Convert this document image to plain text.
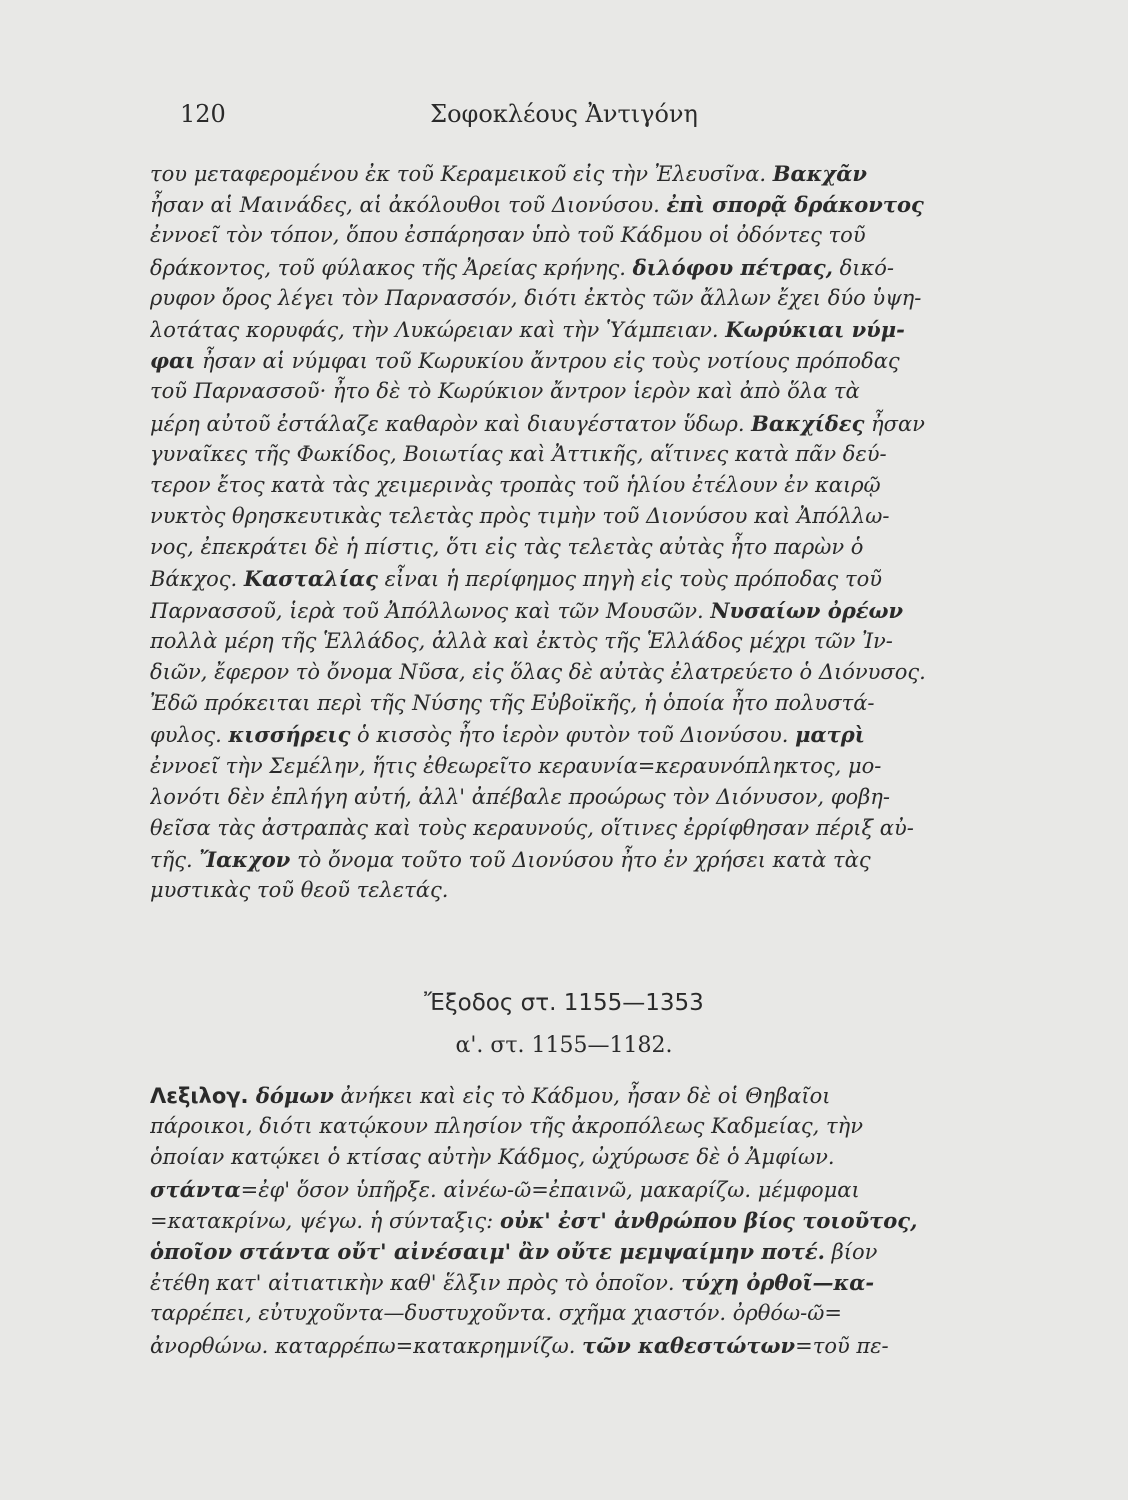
120	Σοφοκλέους Ἀντιγόνη
του μεταφερομένου ἐκ τοῦ Κεραμεικοῦ εἰς τὴν Ἐλευσῖνα. Βακχᾶν
ἦσαν αἱ Μαινάδες, αἱ ἀκόλουθοι τοῦ Διονύσου. ἐπὶ σπορᾷ δράκοντος
ἐννοεῖ τὸν τόπον, ὅπου ἐσπάρησαν ὑπὸ τοῦ Κάδμου οἱ ὀδόντες τοῦ
δράκοντος, τοῦ φύλακος τῆς Ἀρείας κρήνης. διλόφου πέτρας, δικό-
ρυφον ὄρος λέγει τὸν Παρνασσόν, διότι ἐκτὸς τῶν ἄλλων ἔχει δύο ὑψη-
λοτάτας κορυφάς, τὴν Λυκώρειαν καὶ τὴν Ὑάμπειαν. Κωρύκιαι νύμ-
φαι ἦσαν αἱ νύμφαι τοῦ Κωρυκίου ἄντρου εἰς τοὺς νοτίους πρόποδας
τοῦ Παρνασσοῦ· ἦτο δὲ τὸ Κωρύκιον ἄντρον ἱερὸν καὶ ἀπὸ ὅλα τὰ
μέρη αὐτοῦ ἐστάλαζε καθαρὸν καὶ διαυγέστατον ὕδωρ. Βακχίδες ἦσαν
γυναῖκες τῆς Φωκίδος, Βοιωτίας καὶ Ἀττικῆς, αἵτινες κατὰ πᾶν δεύ-
τερον ἔτος κατὰ τὰς χειμερινὰς τροπὰς τοῦ ἡλίου ἐτέλουν ἐν καιρῷ
νυκτὸς θρησκευτικὰς τελετὰς πρὸς τιμὴν τοῦ Διονύσου καὶ Ἀπόλλω-
νος, ἐπεκράτει δὲ ἡ πίστις, ὅτι εἰς τὰς τελετὰς αὐτὰς ἦτο παρὼν ὁ
Βάκχος. Κασταλίας εἶναι ἡ περίφημος πηγὴ εἰς τοὺς πρόποδας τοῦ
Παρνασσοῦ, ἱερὰ τοῦ Ἀπόλλωνος καὶ τῶν Μουσῶν. Νυσαίων ὀρέων
πολλὰ μέρη τῆς Ἑλλάδος, ἀλλὰ καὶ ἐκτὸς τῆς Ἑλλάδος μέχρι τῶν Ἰν-
διῶν, ἔφερον τὸ ὄνομα Νῦσα, εἰς ὅλας δὲ αὐτὰς ἐλατρεύετο ὁ Διόνυσος.
Ἐδῶ πρόκειται περὶ τῆς Νύσης τῆς Εὐβοϊκῆς, ἡ ὁποία ἦτο πολυστά-
φυλος. κισσήρεις ὁ κισσὸς ἦτο ἱερὸν φυτὸν τοῦ Διονύσου. ματρὶ
ἐννοεῖ τὴν Σεμέλην, ἥτις ἐθεωρεῖτο κεραυνία=κεραυνόπληκτος, μο-
λονότι δὲν ἐπλήγη αὐτή, ἀλλ' ἀπέβαλε προώρως τὸν Διόνυσον, φοβη-
θεῖσα τὰς ἀστραπὰς καὶ τοὺς κεραυνούς, οἵτινες ἐρρίφθησαν πέριξ αὐ-
τῆς. Ἴακχον τὸ ὄνομα τοῦτο τοῦ Διονύσου ἦτο ἐν χρήσει κατὰ τὰς
μυστικὰς τοῦ θεοῦ τελετάς.
Ἔξοδος στ. 1155—1353
α'. στ. 1155—1182.
Λεξιλογ. δόμων ἀνήκει καὶ εἰς τὸ Κάδμου, ἦσαν δὲ οἱ Θηβαῖοι
πάροικοι, διότι κατῴκουν πλησίον τῆς ἀκροπόλεως Καδμείας, τὴν
ὁποίαν κατῴκει ὁ κτίσας αὐτὴν Κάδμος, ὠχύρωσε δὲ ὁ Ἀμφίων.
στάντα=ἐφ' ὅσον ὑπῆρξε. αἰνέω-ῶ=ἐπαινῶ, μακαρίζω. μέμφομαι
=κατακρίνω, ψέγω. ἡ σύνταξις: οὐκ' ἐστ' ἀνθρώπου βίος τοιοῦτος,
ὁποῖον στάντα οὔτ' αἰνέσαιμ' ἂν οὔτε μεμψαίμην ποτέ. βίον
ἐτέθη κατ' αἰτιατικὴν καθ' ἕλξιν πρὸς τὸ ὁποῖον. τύχη ὀρθοῖ—κα-
ταρρέπει, εὐτυχοῦντα—δυστυχοῦντα. σχῆμα χιαστόν. ὀρθόω-ῶ=
ἀνορθώνω. καταρρέπω=κατακρημνίζω. τῶν καθεστώτων=τοῦ πε-
